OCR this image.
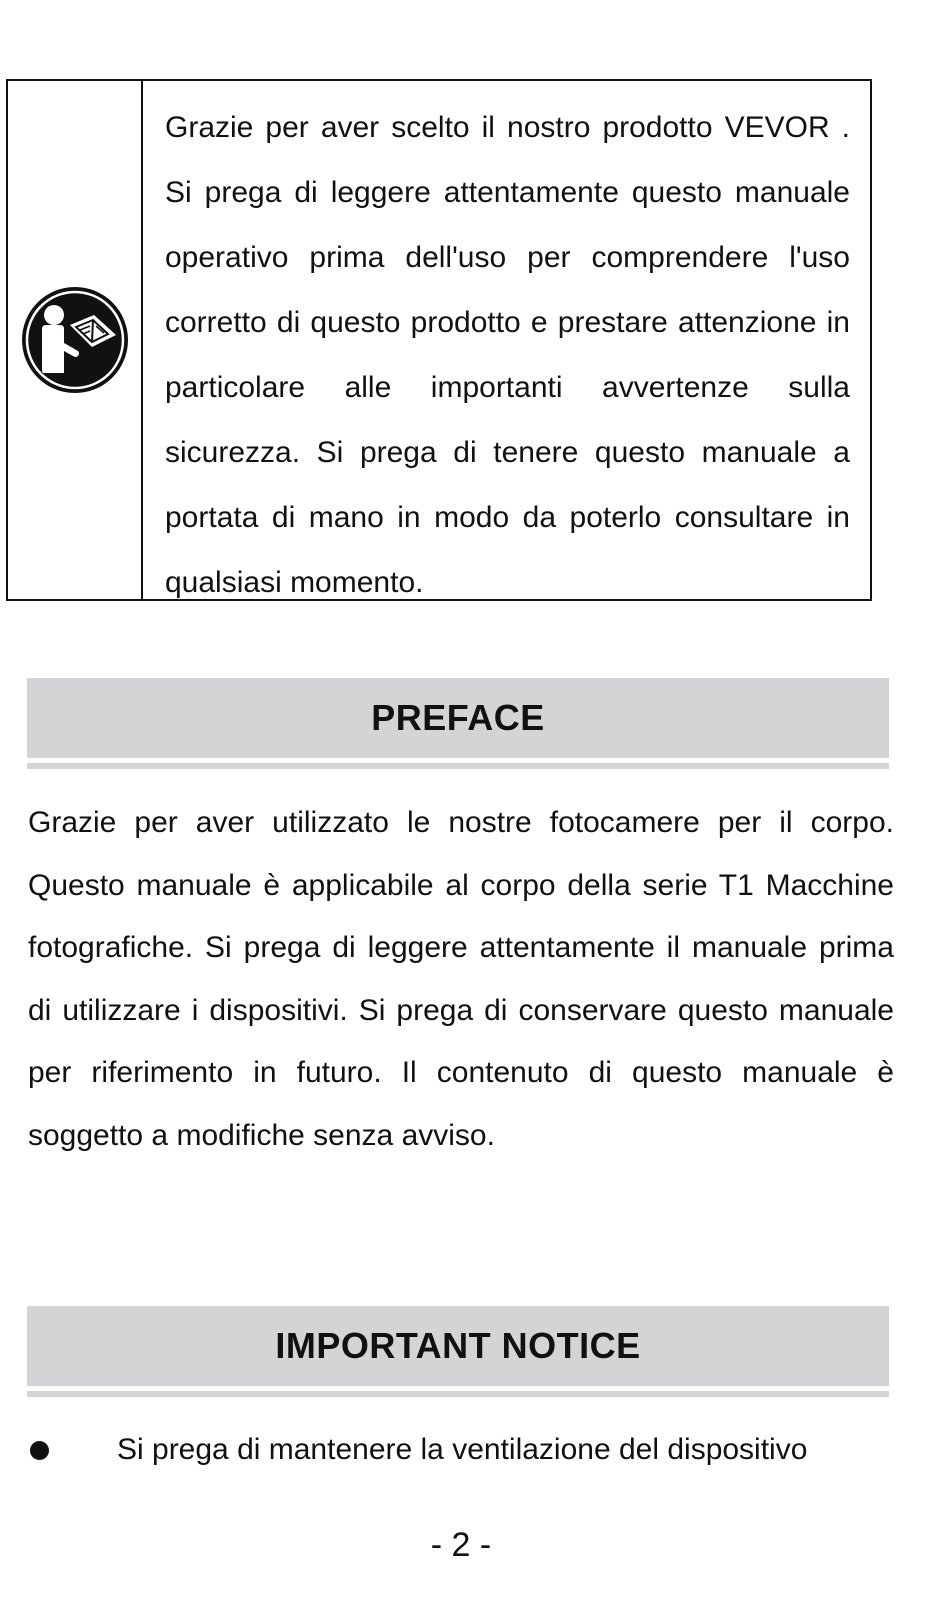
Grazie per aver scelto il nostro prodotto VEVOR . Si prega di leggere attentamente questo manuale operativo prima dell'uso per comprendere l'uso corretto di questo prodotto e prestare attenzione in particolare alle importanti avvertenze sulla sicurezza. Si prega di tenere questo manuale a portata di mano in modo da poterlo consultare in qualsiasi momento.

PREFACE

Grazie per aver utilizzato le nostre fotocamere per il corpo. Questo manuale è applicabile al corpo della serie T1 Macchine fotografiche. Si prega di leggere attentamente il manuale prima di utilizzare i dispositivi. Si prega di conservare questo manuale per riferimento in futuro. Il contenuto di questo manuale è soggetto a modifiche senza avviso.

IMPORTANT NOTICE
Si prega di mantenere la ventilazione del dispositivo
- 2 -
